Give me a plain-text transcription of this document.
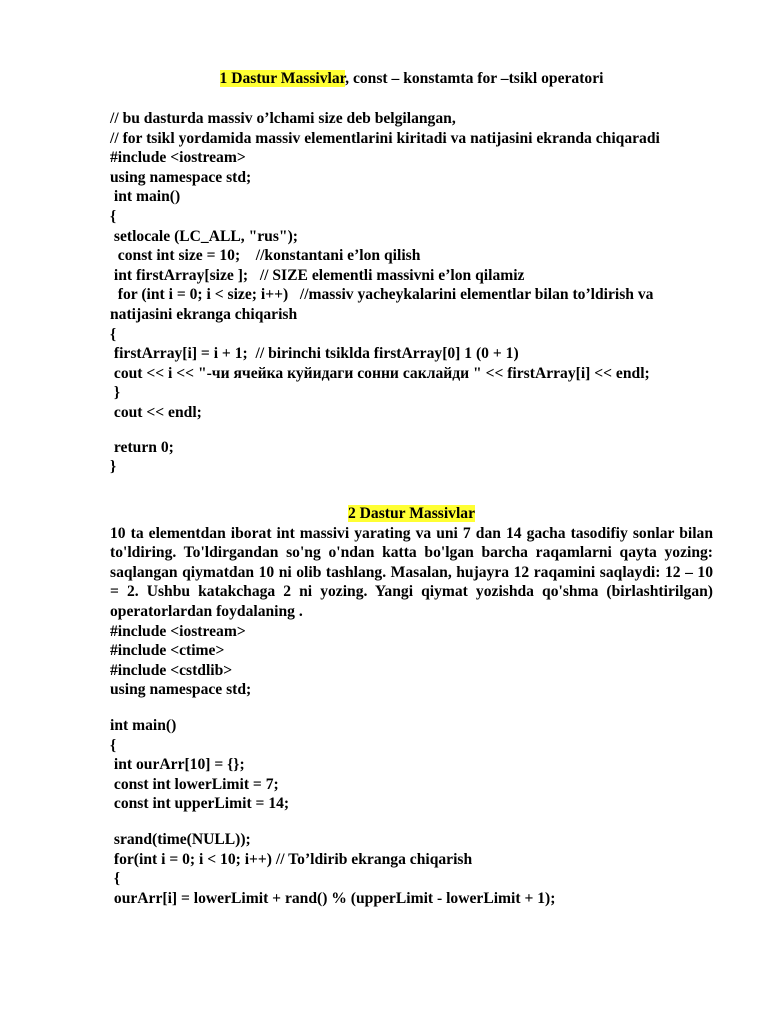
1 Dastur Massivlar, const – konstamta for –tsikl operatori
// bu dasturda massiv o’lchami size deb belgilangan,
// for tsikl yordamida massiv elementlarini kiritadi va natijasini ekranda chiqaradi
#include <iostream>
using namespace std;
int main()
{
setlocale (LC_ALL, "rus");
const int size = 10;    //konstantani e’lon qilish
int firstArray[size ];   // SIZE elementli massivni e’lon qilamiz
for (int i = 0; i < size; i++)   //massiv yacheykalarini elementlar bilan to’ldirish va natijasini ekranga chiqarish
{
firstArray[i] = i + 1;  // birinchi tsiklda firstArray[0] 1 (0 + 1)
cout << i << "-чи ячейка куйидаги сонни саклайди " << firstArray[i] << endl;
}
cout << endl;
return 0;
}
2 Dastur Massivlar
10 ta elementdan iborat int massivi yarating va uni 7 dan 14 gacha tasodifiy sonlar bilan to'ldiring. To'ldirgandan so'ng o'ndan katta bo'lgan barcha raqamlarni qayta yozing: saqlangan qiymatdan 10 ni olib tashlang. Masalan, hujayra 12 raqamini saqlaydi: 12 – 10 = 2. Ushbu katakchaga 2 ni yozing. Yangi qiymat yozishda qo'shma (birlashtirilgan) operatorlardan foydalaning .
#include <iostream>
#include <ctime>
#include <cstdlib>
using namespace std;
int main()
{
int ourArr[10] = {};
const int lowerLimit = 7;
const int upperLimit = 14;
srand(time(NULL));
for(int i = 0; i < 10; i++) // To’ldirib ekranga chiqarish
{
ourArr[i] = lowerLimit + rand() % (upperLimit - lowerLimit + 1);
